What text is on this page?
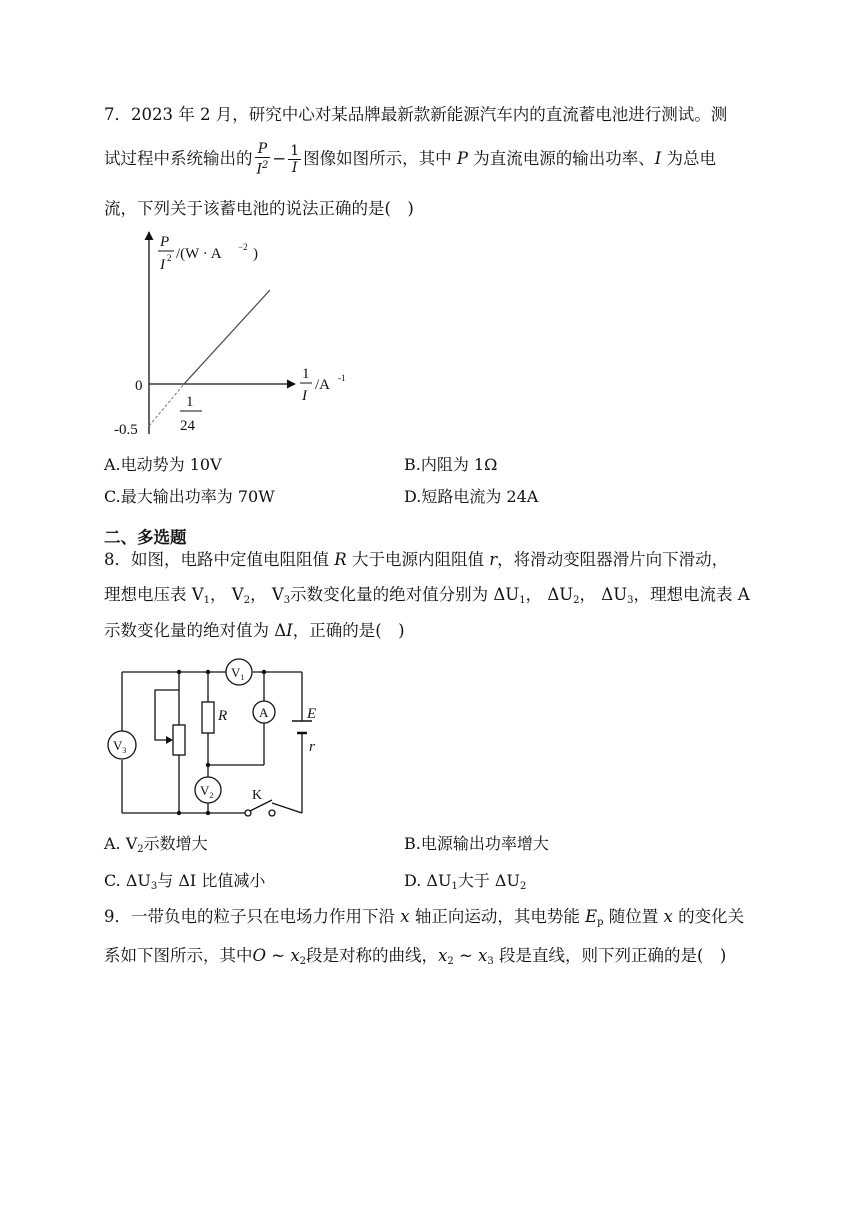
7．2023 年 2 月，研究中心对某品牌最新款新能源汽车内的直流蓄电池进行测试。测
试过程中系统输出的 $\frac{P}{I^2} - \frac{1}{I}$ 图像如图所示，其中 P 为直流电源的输出功率、I 为总电
流，下列关于该蓄电池的说法正确的是(　)
P
I 2 /(W · A −2 )
1
I
/A -1
0
-0.5
1
24
A.电动势为 10V	B.内阻为 1Ω
C.最大输出功率为 70W	D.短路电流为 24A
二、多选题
8．如图，电路中定值电阻阻值 R 大于电源内阻阻值 r，将滑动变阻器滑片向下滑动，
理想电压表 $V_1$， $V_2$， $V_3$示数变化量的绝对值分别为 $\Delta U_1$， $\Delta U_2$， $\Delta U_3$，理想电流表 A
示数变化量的绝对值为 ΔI，正确的是(　)
R	E
r
$V_1$
A
$V_3$
$V_2$	K
A. $V_2$示数增大	B.电源输出功率增大
C. $\Delta U_3$与 ΔI 比值减小	D. $\Delta U_1$大于 $\Delta U_2$
9．一带负电的粒子只在电场力作用下沿 x 轴正向运动，其电势能 $E_p$ 随位置 x 的变化关
系如下图所示，其中O ~ $x_2$段是对称的曲线，$x_2$ ~ $x_3$ 段是直线，则下列正确的是(　)
